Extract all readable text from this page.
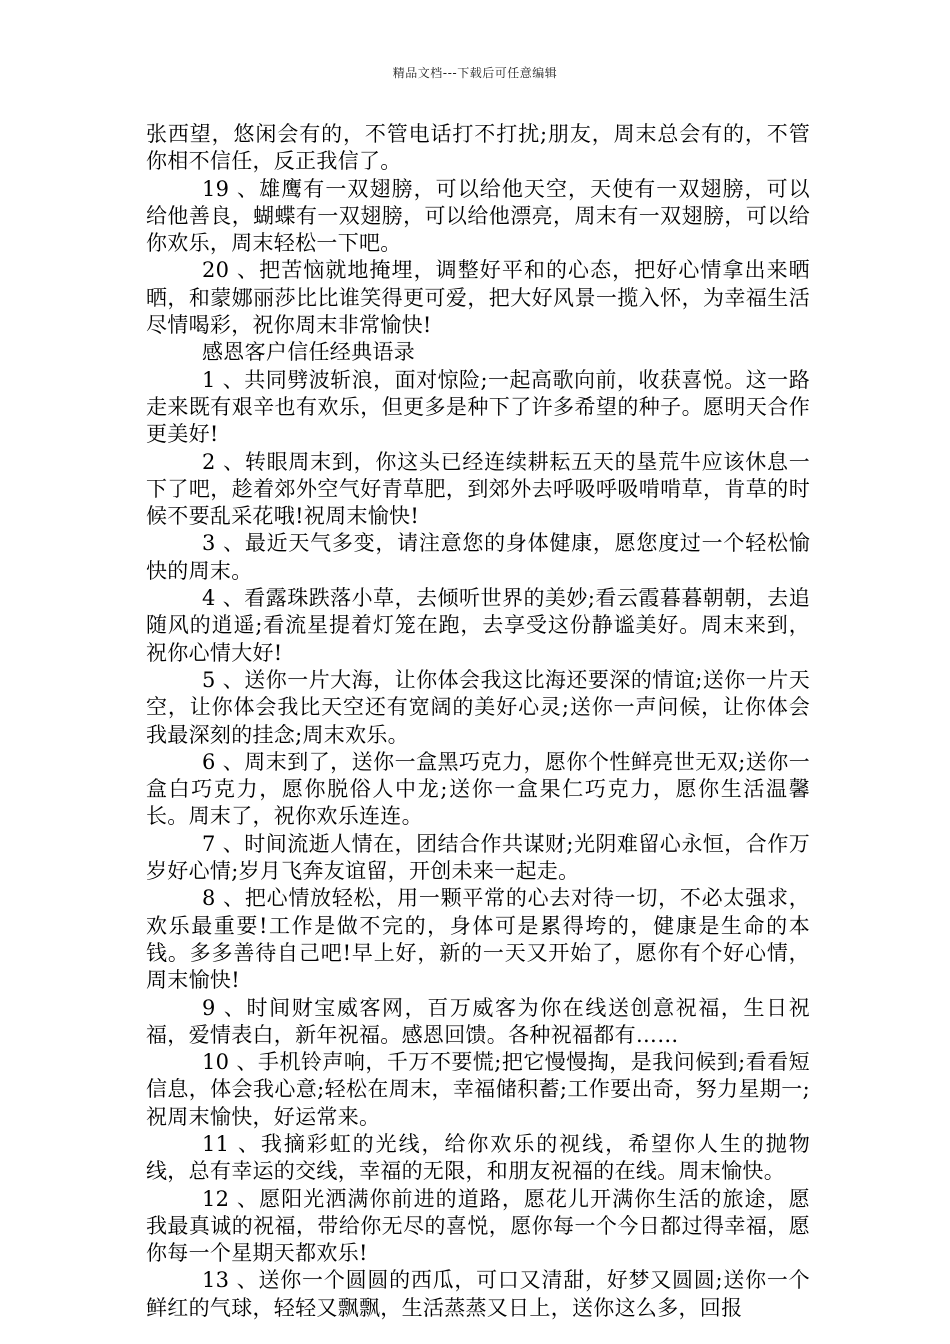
精品文档---下载后可任意编辑

张西望，悠闲会有的，不管电话打不打扰;朋友，周末总会有的，不管你相不信任，反正我信了。

19 、雄鹰有一双翅膀，可以给他天空，天使有一双翅膀，可以给他善良，蝴蝶有一双翅膀，可以给他漂亮，周末有一双翅膀，可以给你欢乐，周末轻松一下吧。

20 、把苦恼就地掩埋，调整好平和的心态，把好心情拿出来晒晒，和蒙娜丽莎比比谁笑得更可爱，把大好风景一揽入怀，为幸福生活尽情喝彩，祝你周末非常愉快!

感恩客户信任经典语录

1 、共同劈波斩浪，面对惊险;一起高歌向前，收获喜悦。这一路走来既有艰辛也有欢乐，但更多是种下了许多希望的种子。愿明天合作更美好!

2 、转眼周末到，你这头已经连续耕耘五天的垦荒牛应该休息一下了吧，趁着郊外空气好青草肥，到郊外去呼吸呼吸啃啃草，肯草的时候不要乱采花哦!祝周末愉快!

3 、最近天气多变，请注意您的身体健康，愿您度过一个轻松愉快的周末。

4 、看露珠跌落小草，去倾听世界的美妙;看云霞暮暮朝朝，去追随风的逍遥;看流星提着灯笼在跑，去享受这份静谧美好。周末来到，祝你心情大好!

5 、送你一片大海，让你体会我这比海还要深的情谊;送你一片天空，让你体会我比天空还有宽阔的美好心灵;送你一声问候，让你体会我最深刻的挂念;周末欢乐。

6 、周末到了，送你一盒黑巧克力，愿你个性鲜亮世无双;送你一盒白巧克力，愿你脱俗人中龙;送你一盒果仁巧克力，愿你生活温馨长。周末了，祝你欢乐连连。

7 、时间流逝人情在，团结合作共谋财;光阴难留心永恒，合作万岁好心情;岁月飞奔友谊留，开创未来一起走。

8 、把心情放轻松，用一颗平常的心去对待一切，不必太强求，欢乐最重要!工作是做不完的，身体可是累得垮的，健康是生命的本钱。多多善待自己吧!早上好，新的一天又开始了，愿你有个好心情，周末愉快!

9 、时间财宝威客网，百万威客为你在线送创意祝福，生日祝福，爱情表白，新年祝福。感恩回馈。各种祝福都有……

10 、手机铃声响，千万不要慌;把它慢慢掏，是我问候到;看看短信息，体会我心意;轻松在周末，幸福储积蓄;工作要出奇，努力星期一;祝周末愉快，好运常来。

11 、我摘彩虹的光线，给你欢乐的视线，希望你人生的抛物线，总有幸运的交线，幸福的无限，和朋友祝福的在线。周末愉快。

12 、愿阳光洒满你前进的道路，愿花儿开满你生活的旅途，愿我最真诚的祝福，带给你无尽的喜悦，愿你每一个今日都过得幸福，愿你每一个星期天都欢乐!

13 、送你一个圆圆的西瓜，可口又清甜，好梦又圆圆;送你一个鲜红的气球，轻轻又飘飘，生活蒸蒸又日上，送你这么多，回报
